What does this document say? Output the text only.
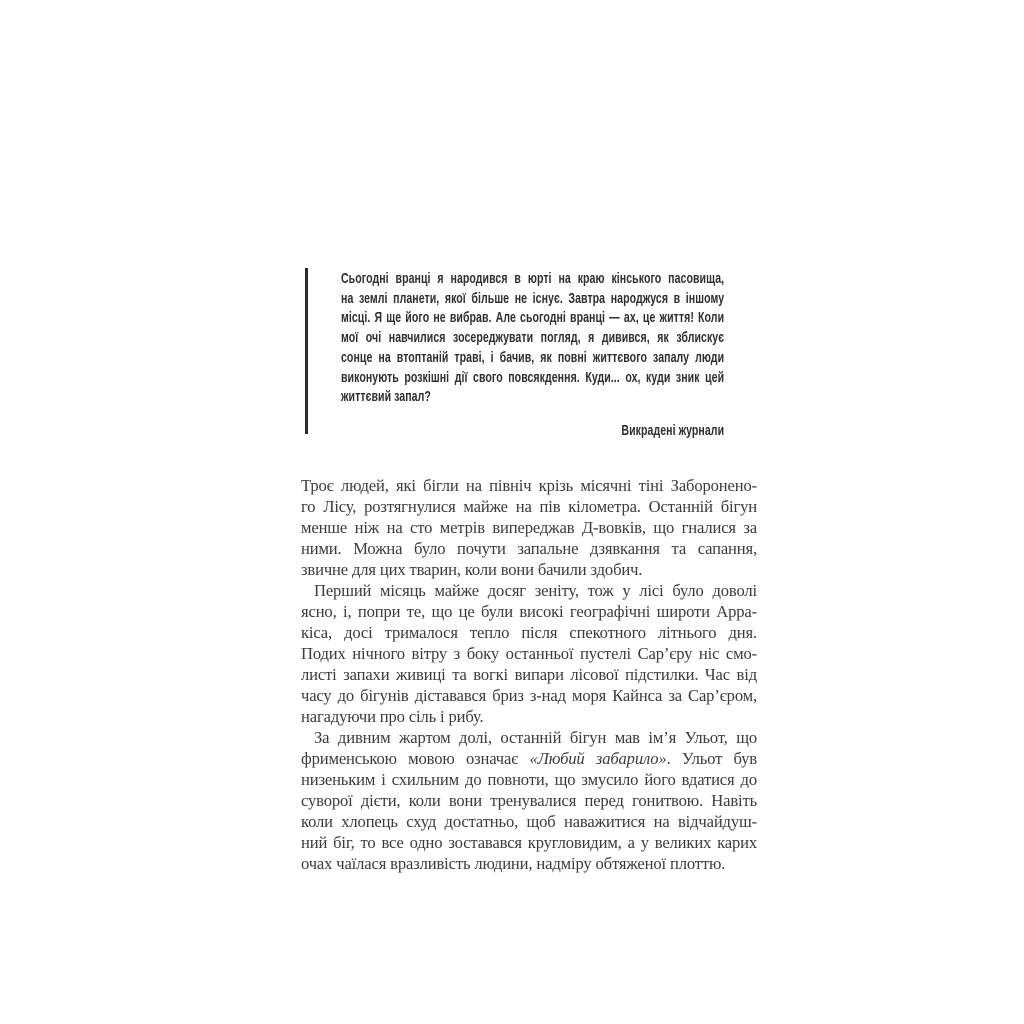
Сьогодні вранці я народився в юрті на краю кінського пасовища,
на землі планети, якої більше не існує. Завтра народжуся в іншому
місці. Я ще його не вибрав. Але сьогодні вранці — ах, це життя! Коли
мої очі навчилися зосереджувати погляд, я дивився, як зблискує
сонце на втоптаній траві, і бачив, як повні життєвого запалу люди
виконують розкішні дії свого повсякдення. Куди... ох, куди зник цей
життєвий запал?
Викрадені журнали
Троє людей, які бігли на північ крізь місячні тіні Заборонено-
го Лісу, розтягнулися майже на пів кілометра. Останній бігун
менше ніж на сто метрів випереджав Д-вовків, що гналися за
ними. Можна було почути запальне дзявкання та сапання,
звичне для цих тварин, коли вони бачили здобич.
Перший місяць майже досяг зеніту, тож у лісі було доволі
ясно, і, попри те, що це були високі географічні широти Арра-
кіса, досі трималося тепло після спекотного літнього дня.
Подих нічного вітру з боку останньої пустелі Сар’єру ніс смо-
листі запахи живиці та вогкі випари лісової підстилки. Час від
часу до бігунів діставався бриз з-над моря Кайнса за Сар’єром,
нагадуючи про сіль і рибу.
За дивним жартом долі, останній бігун мав ім’я Ульот, що
фрименською мовою означає «Любий забарило». Ульот був
низеньким і схильним до повноти, що змусило його вдатися до
суворої дієти, коли вони тренувалися перед гонитвою. Навіть
коли хлопець схуд достатньо, щоб наважитися на відчайдуш-
ний біг, то все одно зоставався кругловидим, а у великих карих
очах чаїлася вразливість людини, надміру обтяженої плоттю.
